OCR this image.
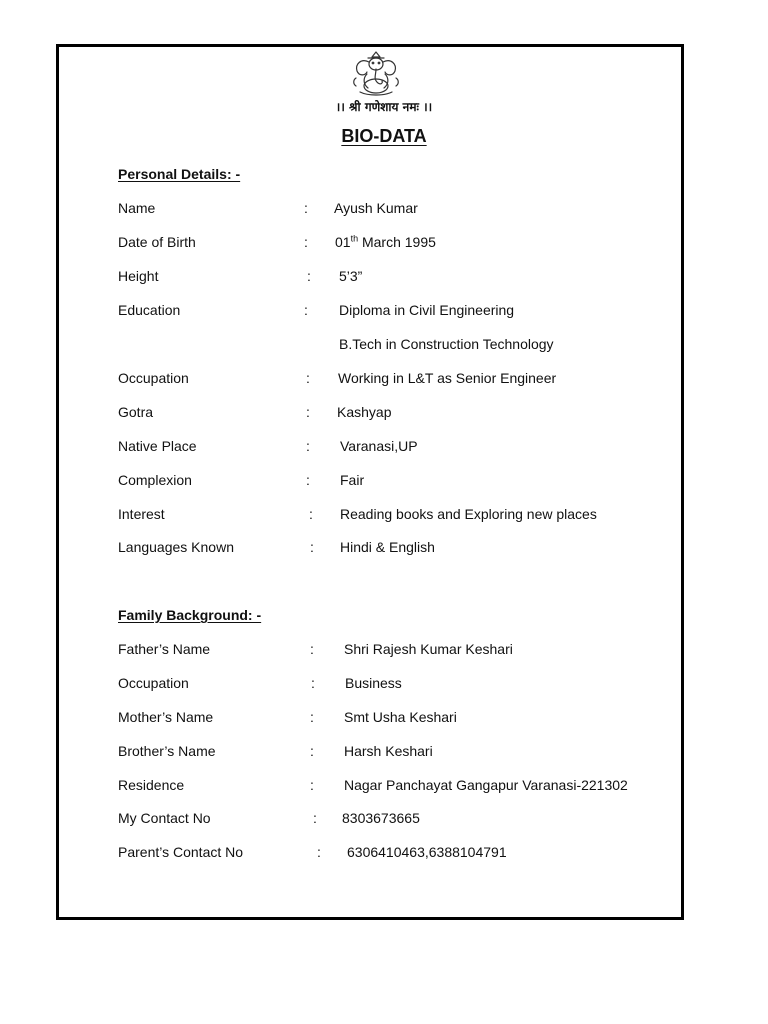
।। श्री गणेशाय नमः ।।
BIO-DATA
Personal Details: -
Name	: Ayush Kumar
Date of Birth	: 01th March 1995
Height	: 5’3”
Education	: Diploma in Civil Engineering
B.Tech in Construction Technology
Occupation	: Working in L&T as Senior Engineer
Gotra	: Kashyap
Native Place	: Varanasi,UP
Complexion	: Fair
Interest	: Reading books and Exploring new places
Languages Known	: Hindi & English
Family Background: -
Father’s Name	: Shri Rajesh Kumar Keshari
Occupation	: Business
Mother’s Name	: Smt Usha Keshari
Brother’s Name	: Harsh Keshari
Residence	: Nagar Panchayat Gangapur Varanasi-221302
My Contact No	: 8303673665
Parent’s Contact No	: 6306410463,6388104791
